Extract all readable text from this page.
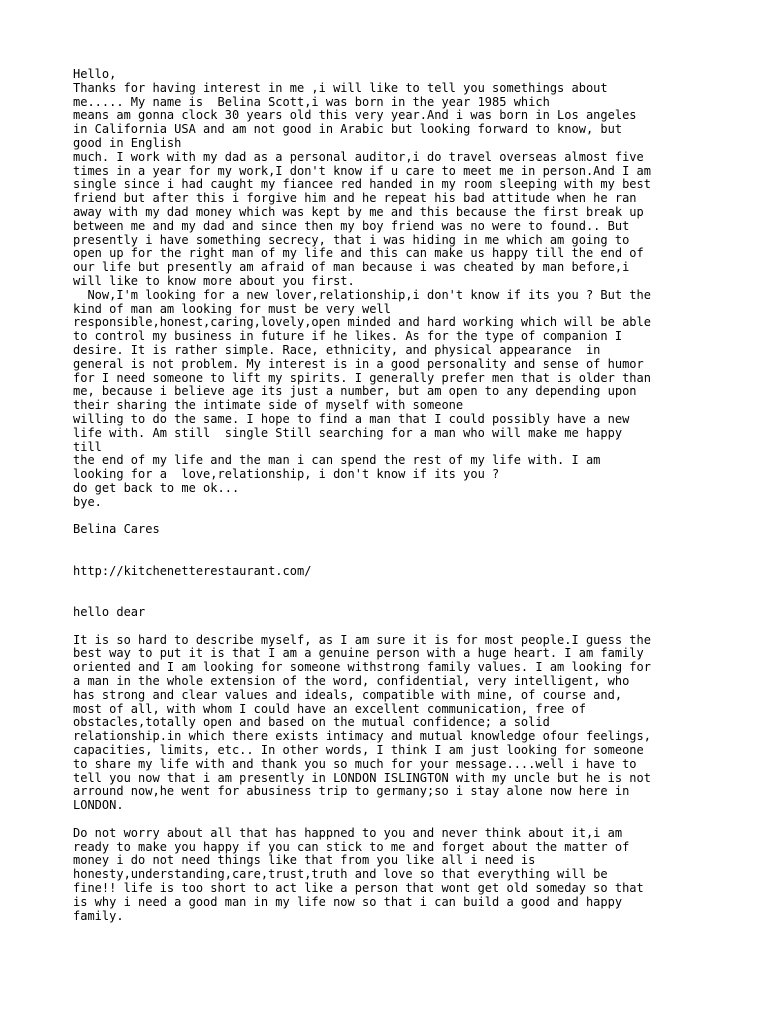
Hello,
Thanks for having interest in me ,i will like to tell you somethings about
me..... My name is  Belina Scott,i was born in the year 1985 which
means am gonna clock 30 years old this very year.And i was born in Los angeles
in California USA and am not good in Arabic but looking forward to know, but
good in English
much. I work with my dad as a personal auditor,i do travel overseas almost five
times in a year for my work,I don't know if u care to meet me in person.And I am
single since i had caught my fiancee red handed in my room sleeping with my best
friend but after this i forgive him and he repeat his bad attitude when he ran
away with my dad money which was kept by me and this because the first break up
between me and my dad and since then my boy friend was no were to found.. But
presently i have something secrecy, that i was hiding in me which am going to
open up for the right man of my life and this can make us happy till the end of
our life but presently am afraid of man because i was cheated by man before,i
will like to know more about you first.
Now,I'm looking for a new lover,relationship,i don't know if its you ? But the
kind of man am looking for must be very well
responsible,honest,caring,lovely,open minded and hard working which will be able
to control my business in future if he likes. As for the type of companion I
desire. It is rather simple. Race, ethnicity, and physical appearance  in
general is not problem. My interest is in a good personality and sense of humor
for I need someone to lift my spirits. I generally prefer men that is older than
me, because i believe age its just a number, but am open to any depending upon
their sharing the intimate side of myself with someone
willing to do the same. I hope to find a man that I could possibly have a new
life with. Am still  single Still searching for a man who will make me happy
till
the end of my life and the man i can spend the rest of my life with. I am
looking for a  love,relationship, i don't know if its you ?
do get back to me ok...
bye.
Belina Cares
http://kitchenetterestaurant.com/
hello dear
It is so hard to describe myself, as I am sure it is for most people.I guess the
best way to put it is that I am a genuine person with a huge heart. I am family
oriented and I am looking for someone withstrong family values. I am looking for
a man in the whole extension of the word, confidential, very intelligent, who
has strong and clear values and ideals, compatible with mine, of course and,
most of all, with whom I could have an excellent communication, free of
obstacles,totally open and based on the mutual confidence; a solid
relationship.in which there exists intimacy and mutual knowledge ofour feelings,
capacities, limits, etc.. In other words, I think I am just looking for someone
to share my life with and thank you so much for your message....well i have to
tell you now that i am presently in LONDON ISLINGTON with my uncle but he is not
arround now,he went for abusiness trip to germany;so i stay alone now here in
LONDON.
Do not worry about all that has happned to you and never think about it,i am
ready to make you happy if you can stick to me and forget about the matter of
money i do not need things like that from you like all i need is
honesty,understanding,care,trust,truth and love so that everything will be
fine!! life is too short to act like a person that wont get old someday so that
is why i need a good man in my life now so that i can build a good and happy
family.
